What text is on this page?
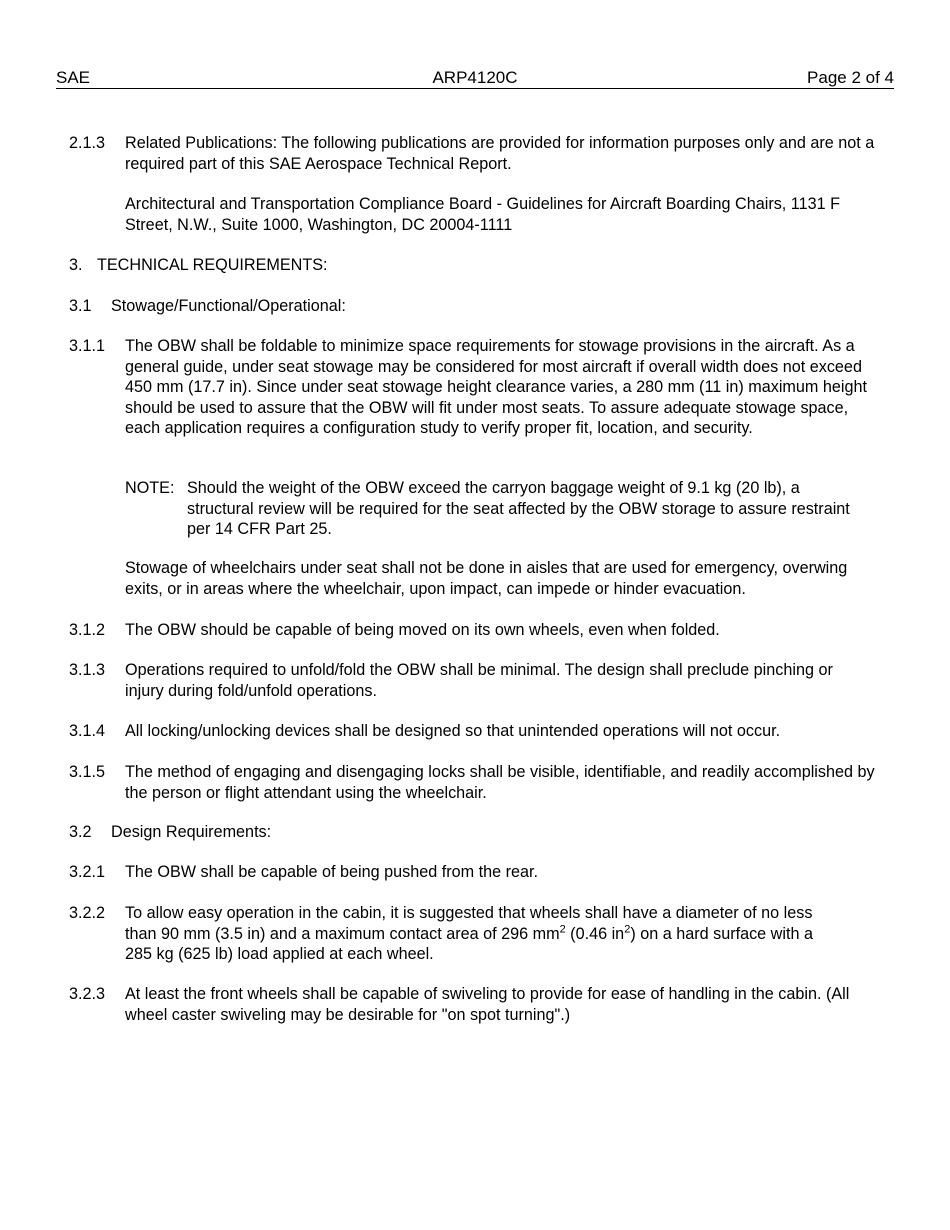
SAE	ARP4120C	Page 2 of 4
2.1.3 Related Publications: The following publications are provided for information purposes only and are not a required part of this SAE Aerospace Technical Report.

Architectural and Transportation Compliance Board - Guidelines for Aircraft Boarding Chairs, 1131 F Street, N.W., Suite 1000, Washington, DC 20004-1111

3. TECHNICAL REQUIREMENTS:
3.1 Stowage/Functional/Operational:
3.1.1 The OBW shall be foldable to minimize space requirements for stowage provisions in the aircraft. As a general guide, under seat stowage may be considered for most aircraft if overall width does not exceed 450 mm (17.7 in). Since under seat stowage height clearance varies, a 280 mm (11 in) maximum height should be used to assure that the OBW will fit under most seats. To assure adequate stowage space, each application requires a configuration study to verify proper fit, location, and security.

NOTE: Should the weight of the OBW exceed the carryon baggage weight of 9.1 kg (20 lb), a structural review will be required for the seat affected by the OBW storage to assure restraint per 14 CFR Part 25.

Stowage of wheelchairs under seat shall not be done in aisles that are used for emergency, overwing exits, or in areas where the wheelchair, upon impact, can impede or hinder evacuation.

3.1.2 The OBW should be capable of being moved on its own wheels, even when folded.

3.1.3 Operations required to unfold/fold the OBW shall be minimal. The design shall preclude pinching or injury during fold/unfold operations.

3.1.4 All locking/unlocking devices shall be designed so that unintended operations will not occur.

3.1.5 The method of engaging and disengaging locks shall be visible, identifiable, and readily accomplished by the person or flight attendant using the wheelchair.

3.2 Design Requirements:
3.2.1 The OBW shall be capable of being pushed from the rear.

3.2.2 To allow easy operation in the cabin, it is suggested that wheels shall have a diameter of no less
than 90 mm (3.5 in) and a maximum contact area of 296 $mm^2$ (0.46 $in^2$) on a hard surface with a
285 kg (625 lb) load applied at each wheel.
3.2.3 At least the front wheels shall be capable of swiveling to provide for ease of handling in the cabin. (All wheel caster swiveling may be desirable for "on spot turning".)
